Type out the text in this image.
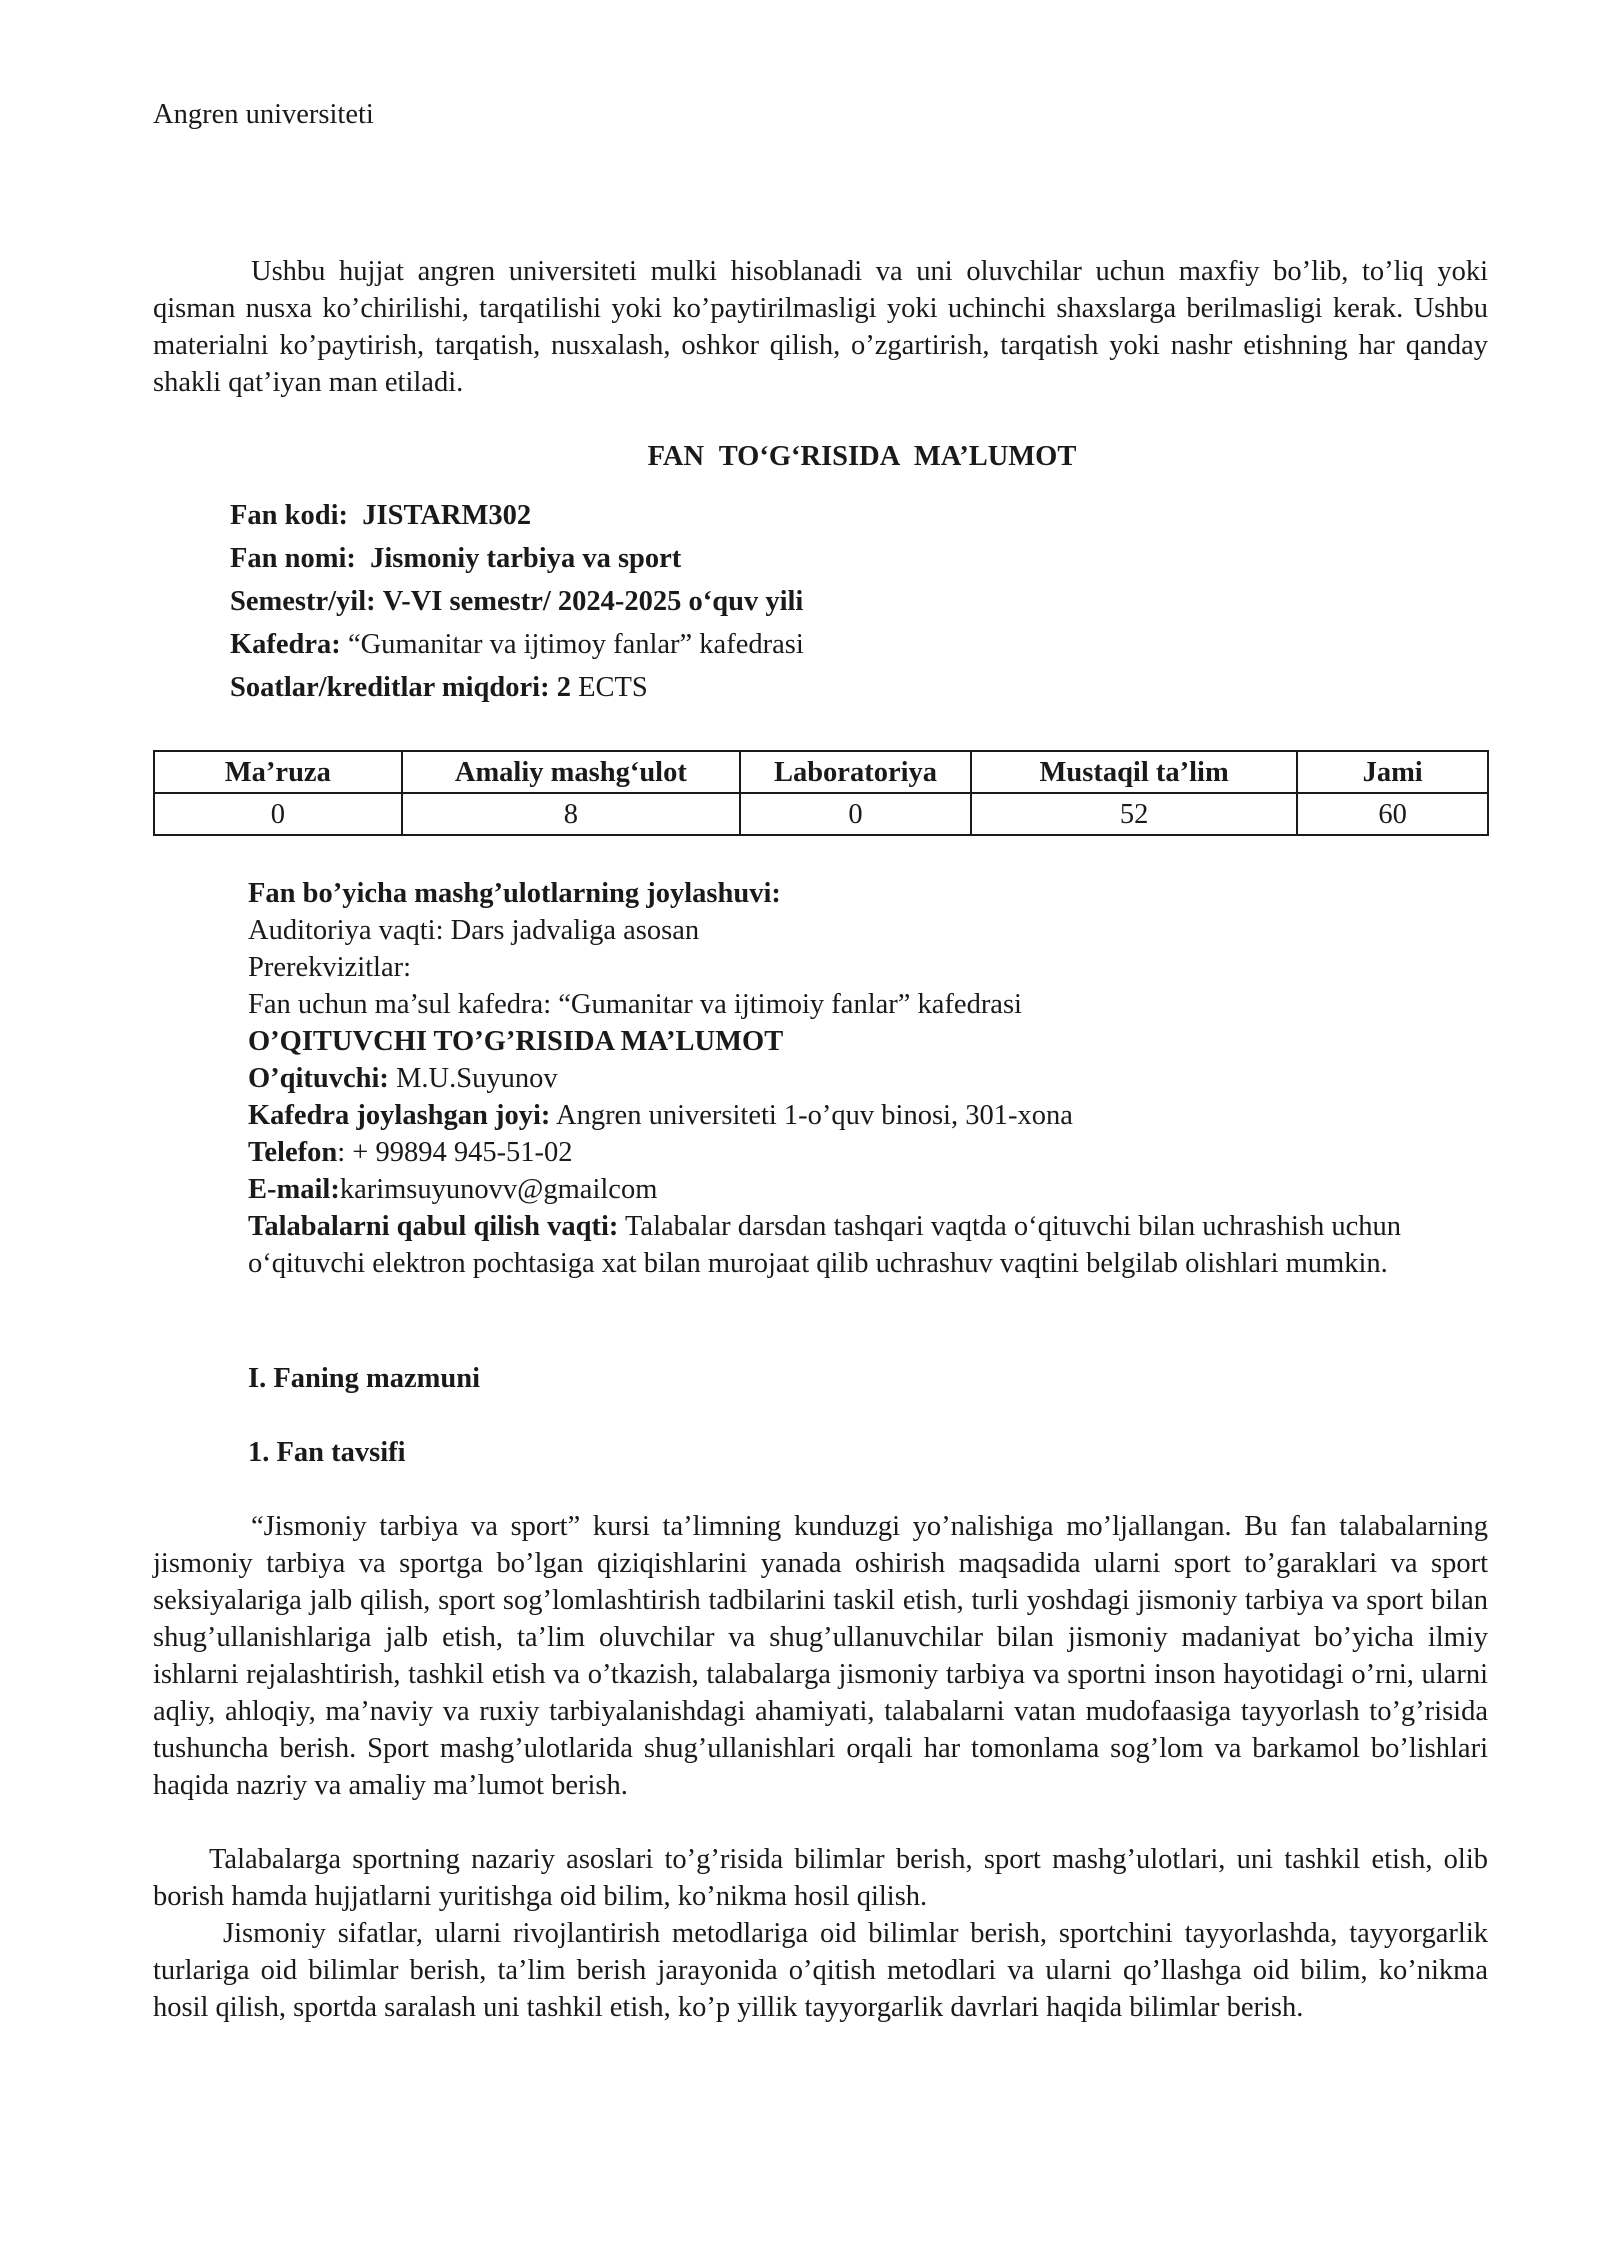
Angren universiteti

Ushbu hujjat angren universiteti mulki hisoblanadi va uni oluvchilar uchun maxfiy bo’lib, to’liq yoki qisman nusxa ko’chirilishi, tarqatilishi yoki ko’paytirilmasligi yoki uchinchi shaxslarga berilmasligi kerak. Ushbu materialni ko’paytirish, tarqatish, nusxalash, oshkor qilish, o’zgartirish, tarqatish yoki nashr etishning har qanday shakli qat’iyan man etiladi.

FAN TO‘G‘RISIDA MA’LUMOT
Fan kodi: JISTARM302
Fan nomi: Jismoniy tarbiya va sport
Semestr/yil: V-VI semestr/ 2024-2025 o‘quv yili
Kafedra: “Gumanitar va ijtimoy fanlar” kafedrasi
Soatlar/kreditlar miqdori: 2 ECTS
Ma’ruza	Amaliy mashg‘ulot	Laboratoriya	Mustaqil ta’lim	Jami
0	8	0	52	60
Fan bo’yicha mashg’ulotlarning joylashuvi:
Auditoriya vaqti: Dars jadvaliga asosan
Prerekvizitlar:
Fan uchun ma’sul kafedra: “Gumanitar va ijtimoiy fanlar” kafedrasi
O’QITUVCHI TO’G’RISIDA MA’LUMOT
O’qituvchi: M.U.Suyunov
Kafedra joylashgan joyi: Angren universiteti 1-o’quv binosi, 301-xona
Telefon: + 99894 945-51-02
E-mail:karimsuyunovv@gmailcom
Talabalarni qabul qilish vaqti: Talabalar darsdan tashqari vaqtda o‘qituvchi bilan uchrashish uchun o‘qituvchi elektron pochtasiga xat bilan murojaat qilib uchrashuv vaqtini belgilab olishlari mumkin.
I. Faning mazmuni
1. Fan tavsifi

“Jismoniy tarbiya va sport” kursi ta’limning kunduzgi yo’nalishiga mo’ljallangan. Bu fan talabalarning jismoniy tarbiya va sportga bo’lgan qiziqishlarini yanada oshirish maqsadida ularni sport to’garaklari va sport seksiyalariga jalb qilish, sport sog’lomlashtirish tadbilarini taskil etish, turli yoshdagi jismoniy tarbiya va sport bilan shug’ullanishlariga jalb etish, ta’lim oluvchilar va shug’ullanuvchilar bilan jismoniy madaniyat bo’yicha ilmiy ishlarni rejalashtirish, tashkil etish va o’tkazish, talabalarga jismoniy tarbiya va sportni inson hayotidagi o’rni, ularni aqliy, ahloqiy, ma’naviy va ruxiy tarbiyalanishdagi ahamiyati, talabalarni vatan mudofaasiga tayyorlash to’g’risida tushuncha berish. Sport mashg’ulotlarida shug’ullanishlari orqali har tomonlama sog’lom va barkamol bo’lishlari haqida nazriy va amaliy ma’lumot berish.

Talabalarga sportning nazariy asoslari to’g’risida bilimlar berish, sport mashg’ulotlari, uni tashkil etish, olib borish hamda hujjatlarni yuritishga oid bilim, ko’nikma hosil qilish.

Jismoniy sifatlar, ularni rivojlantirish metodlariga oid bilimlar berish, sportchini tayyorlashda, tayyorgarlik turlariga oid bilimlar berish, ta’lim berish jarayonida o’qitish metodlari va ularni qo’llashga oid bilim, ko’nikma hosil qilish, sportda saralash uni tashkil etish, ko’p yillik tayyorgarlik davrlari haqida bilimlar berish.
